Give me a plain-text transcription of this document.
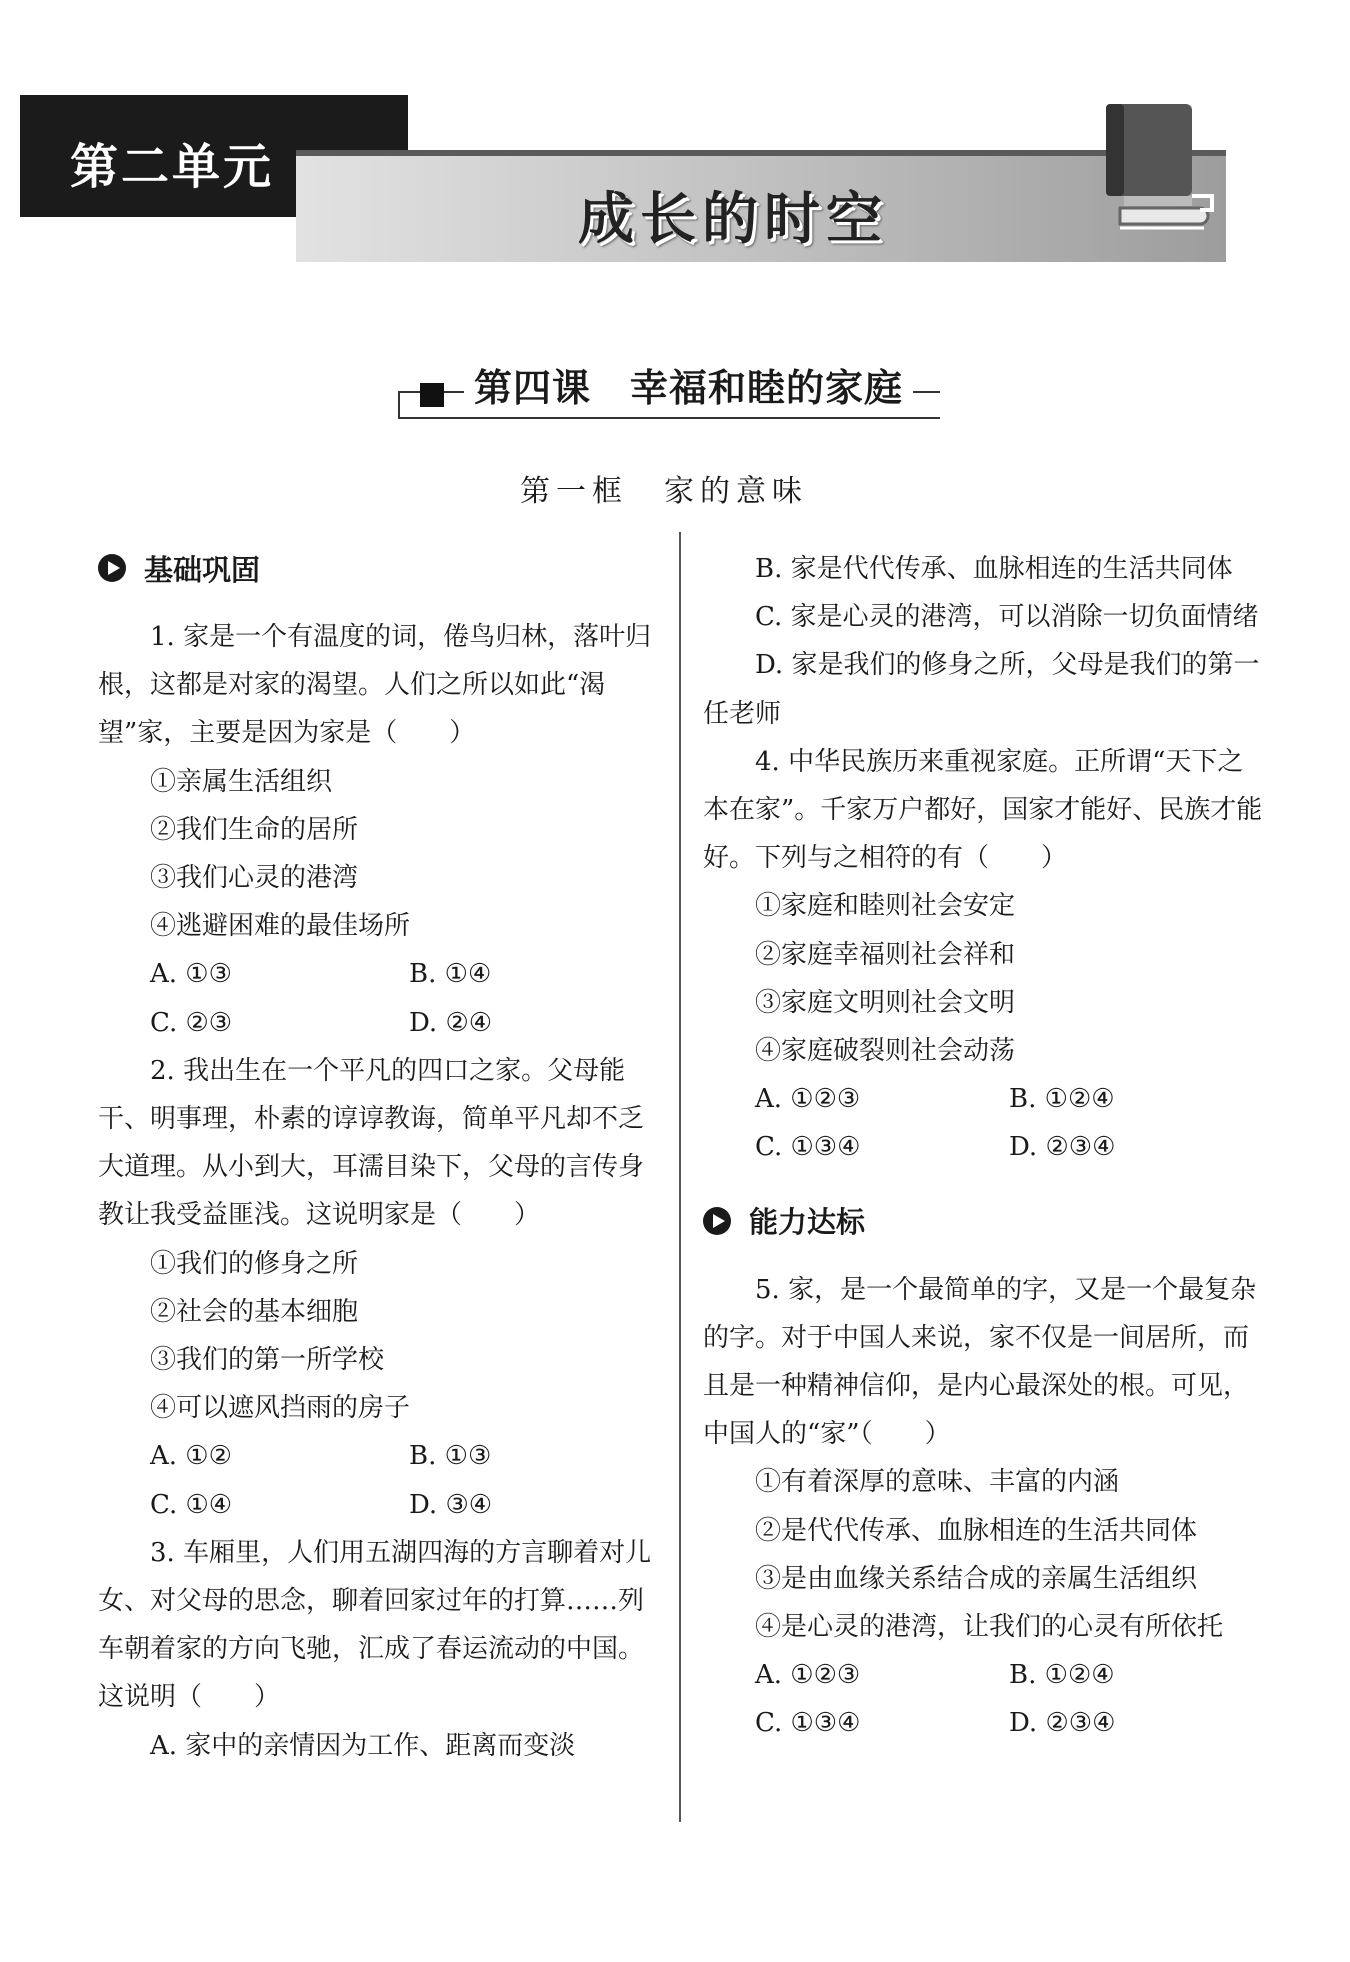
第二单元
成长的时空
第四课　幸福和睦的家庭
第一框　家的意味
基础巩固
1. 家是一个有温度的词，倦鸟归林，落叶归根，这都是对家的渴望。人们之所以如此“渴望”家，主要是因为家是（　　）
①亲属生活组织
②我们生命的居所
③我们心灵的港湾
④逃避困难的最佳场所
A. ①③	B. ①④
C. ②③	D. ②④
2. 我出生在一个平凡的四口之家。父母能干、明事理，朴素的谆谆教诲，简单平凡却不乏大道理。从小到大，耳濡目染下，父母的言传身教让我受益匪浅。这说明家是（　　）
①我们的修身之所
②社会的基本细胞
③我们的第一所学校
④可以遮风挡雨的房子
A. ①②	B. ①③
C. ①④	D. ③④
3. 车厢里，人们用五湖四海的方言聊着对儿女、对父母的思念，聊着回家过年的打算……列车朝着家的方向飞驰，汇成了春运流动的中国。这说明（　　）
A. 家中的亲情因为工作、距离而变淡
B. 家是代代传承、血脉相连的生活共同体
C. 家是心灵的港湾，可以消除一切负面情绪
D. 家是我们的修身之所，父母是我们的第一任老师
4. 中华民族历来重视家庭。正所谓“天下之本在家”。千家万户都好，国家才能好、民族才能好。下列与之相符的有（　　）
①家庭和睦则社会安定
②家庭幸福则社会祥和
③家庭文明则社会文明
④家庭破裂则社会动荡
A. ①②③	B. ①②④
C. ①③④	D. ②③④
能力达标
5. 家，是一个最简单的字，又是一个最复杂的字。对于中国人来说，家不仅是一间居所，而且是一种精神信仰，是内心最深处的根。可见，中国人的“家”（　　）
①有着深厚的意味、丰富的内涵
②是代代传承、血脉相连的生活共同体
③是由血缘关系结合成的亲属生活组织
④是心灵的港湾，让我们的心灵有所依托
A. ①②③	B. ①②④
C. ①③④	D. ②③④
